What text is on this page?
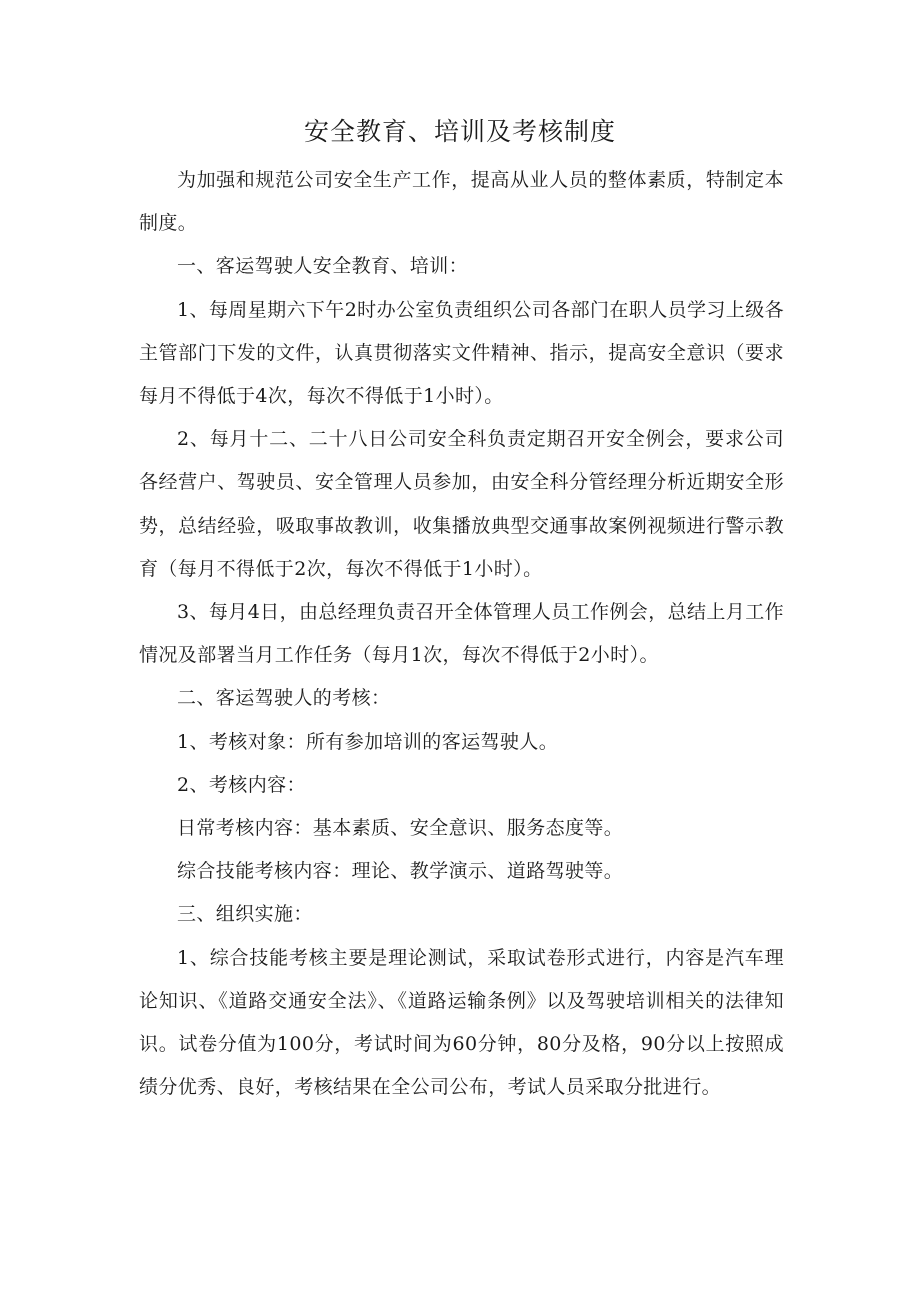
安全教育、培训及考核制度

为加强和规范公司安全生产工作，提高从业人员的整体素质，特制定本制度。

一、客运驾驶人安全教育、培训：

1、每周星期六下午2时办公室负责组织公司各部门在职人员学习上级各主管部门下发的文件，认真贯彻落实文件精神、指示，提高安全意识（要求每月不得低于4次，每次不得低于1小时）。

2、每月十二、二十八日公司安全科负责定期召开安全例会，要求公司各经营户、驾驶员、安全管理人员参加，由安全科分管经理分析近期安全形势，总结经验，吸取事故教训，收集播放典型交通事故案例视频进行警示教育（每月不得低于2次，每次不得低于1小时）。

3、每月4日，由总经理负责召开全体管理人员工作例会，总结上月工作情况及部署当月工作任务（每月1次，每次不得低于2小时）。

二、客运驾驶人的考核：

1、考核对象：所有参加培训的客运驾驶人。

2、考核内容：

日常考核内容：基本素质、安全意识、服务态度等。

综合技能考核内容：理论、教学演示、道路驾驶等。

三、组织实施：

1、综合技能考核主要是理论测试，采取试卷形式进行，内容是汽车理论知识、《道路交通安全法》、《道路运输条例》以及驾驶培训相关的法律知识。试卷分值为100分，考试时间为60分钟，80分及格，90分以上按照成绩分优秀、良好，考核结果在全公司公布，考试人员采取分批进行。
